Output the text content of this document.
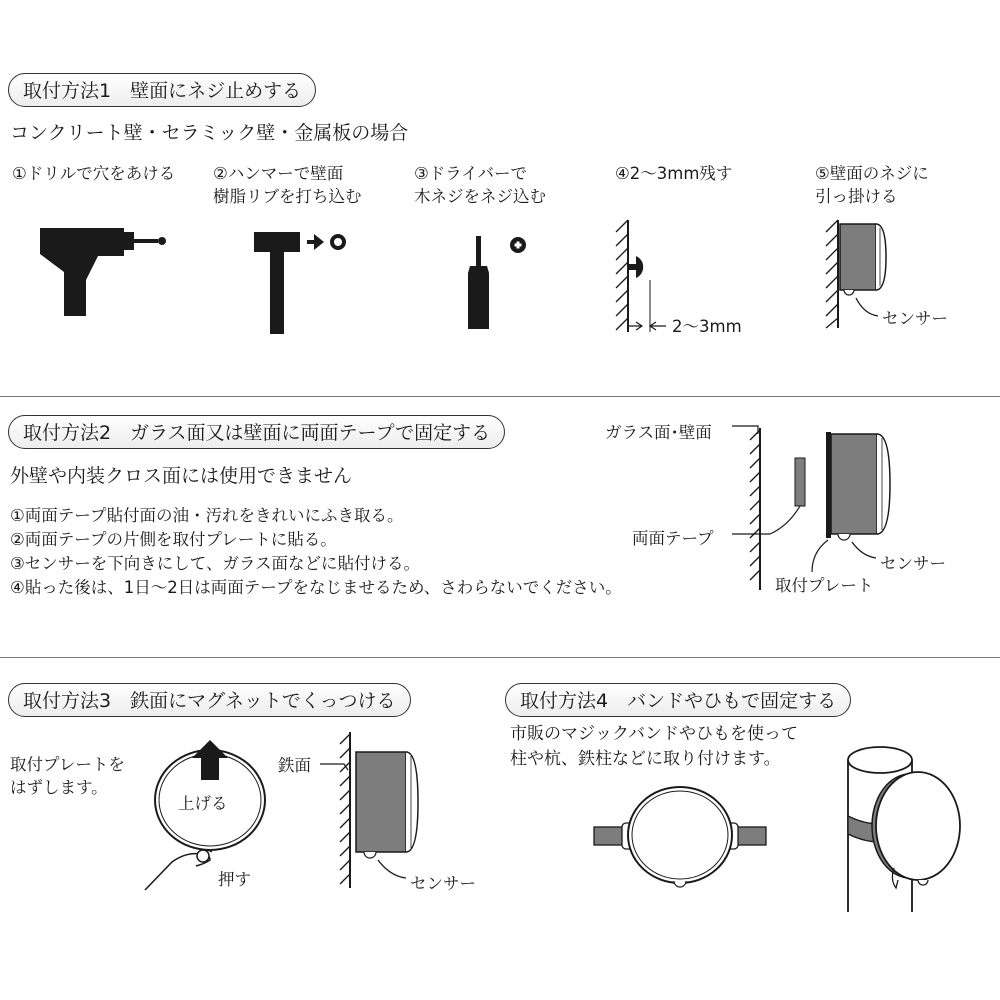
取付方法1　壁面にネジ止めする
コンクリート壁・セラミック壁・金属板の場合
①ドリルで穴をあける ②ハンマーで壁面
樹脂リブを打ち込む
③ドライバーで
木ネジをネジ込む
④2～3mm残す	⑤壁面のネジに
引っ掛ける
2～3mm	センサー
取付方法2　ガラス面又は壁面に両面テープで固定する
外壁や内装クロス面には使用できません
①両面テープ貼付面の油・汚れをきれいにふき取る。
②両面テープの片側を取付プレートに貼る。
③センサーを下向きにして、ガラス面などに貼付ける。
④貼った後は、1日～2日は両面テープをなじませるため、さわらないでください。
ガラス面･壁面
両面テープ
センサー
取付プレート
取付方法3　鉄面にマグネットでくっつける
取付プレートを
はずします。
上げる
押す
鉄面
センサー
取付方法4　バンドやひもで固定する
市販のマジックバンドやひもを使って
柱や杭、鉄柱などに取り付けます。
